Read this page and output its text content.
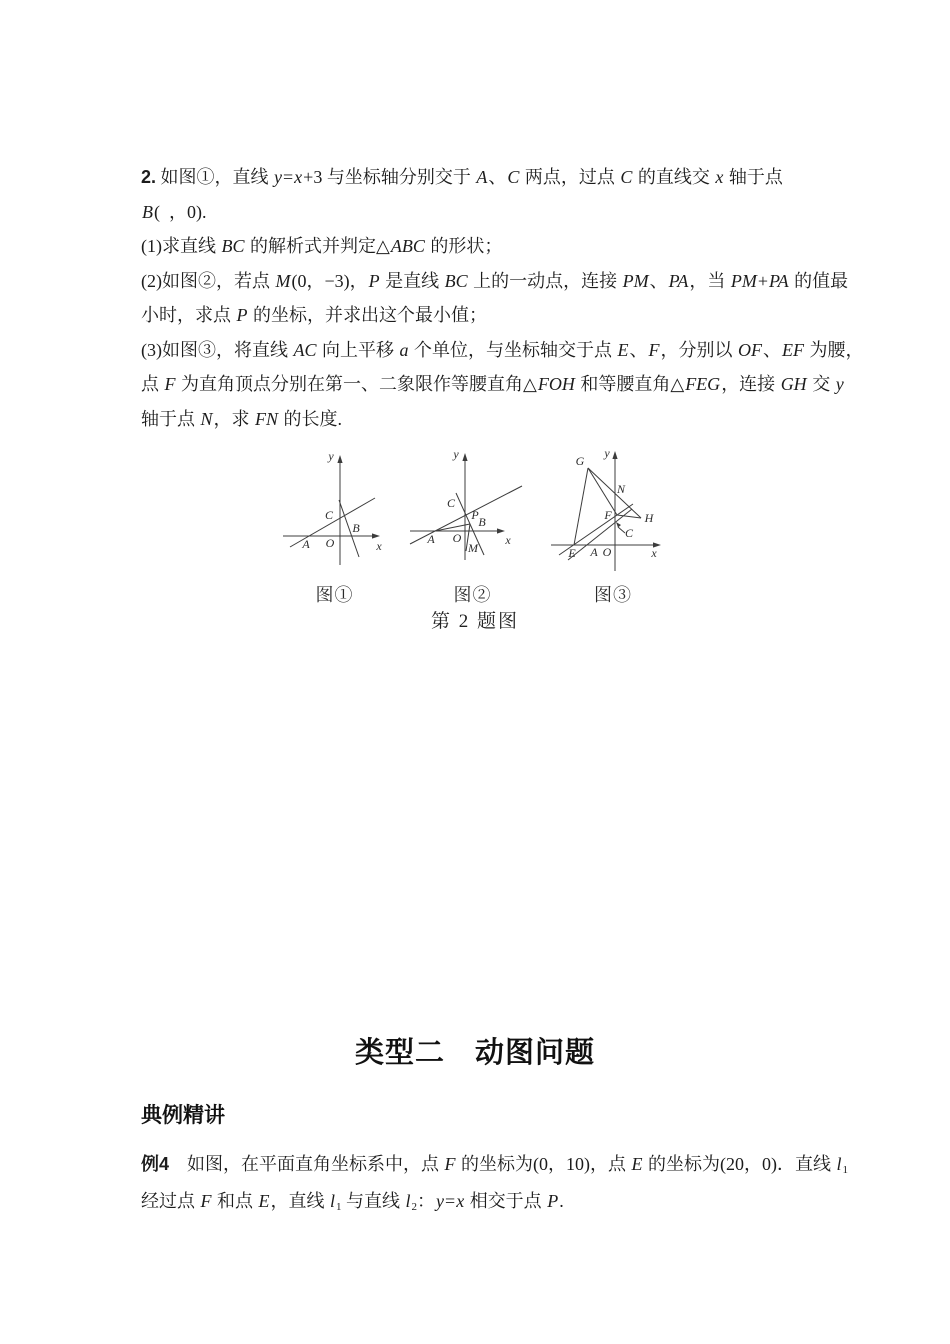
2. 如图①，直线 y=x+3 与坐标轴分别交于 A、C 两点，过点 C 的直线交 x 轴于点
B( ，0).
(1)求直线 BC 的解析式并判定△ABC 的形状；
(2)如图②，若点 M(0，−3)，P 是直线 BC 上的一动点，连接 PM、PA，当 PM+PA 的值最
小时，求点 P 的坐标，并求出这个最小值；
(3)如图③，将直线 AC 向上平移 a 个单位，与坐标轴交于点 E、F，分别以 OF、EF 为腰，
点 F 为直角顶点分别在第一、二象限作等腰直角△FOH 和等腰直角△FEG，连接 GH 交 y
轴于点 N，求 FN 的长度.
y
x
C
B
A O
图①
y
x
C
P B
A O
M
图②
y
x
G
N
F	H
C
E A O
图③
第 2 题图
类型二　动图问题
典例精讲
例4　如图，在平面直角坐标系中，点 F 的坐标为(0，10)，点 E 的坐标为(20，0)．直线 $l_1$
经过点 F 和点 E，直线 $l_1$ 与直线 $l_2$：y=x 相交于点 P.
